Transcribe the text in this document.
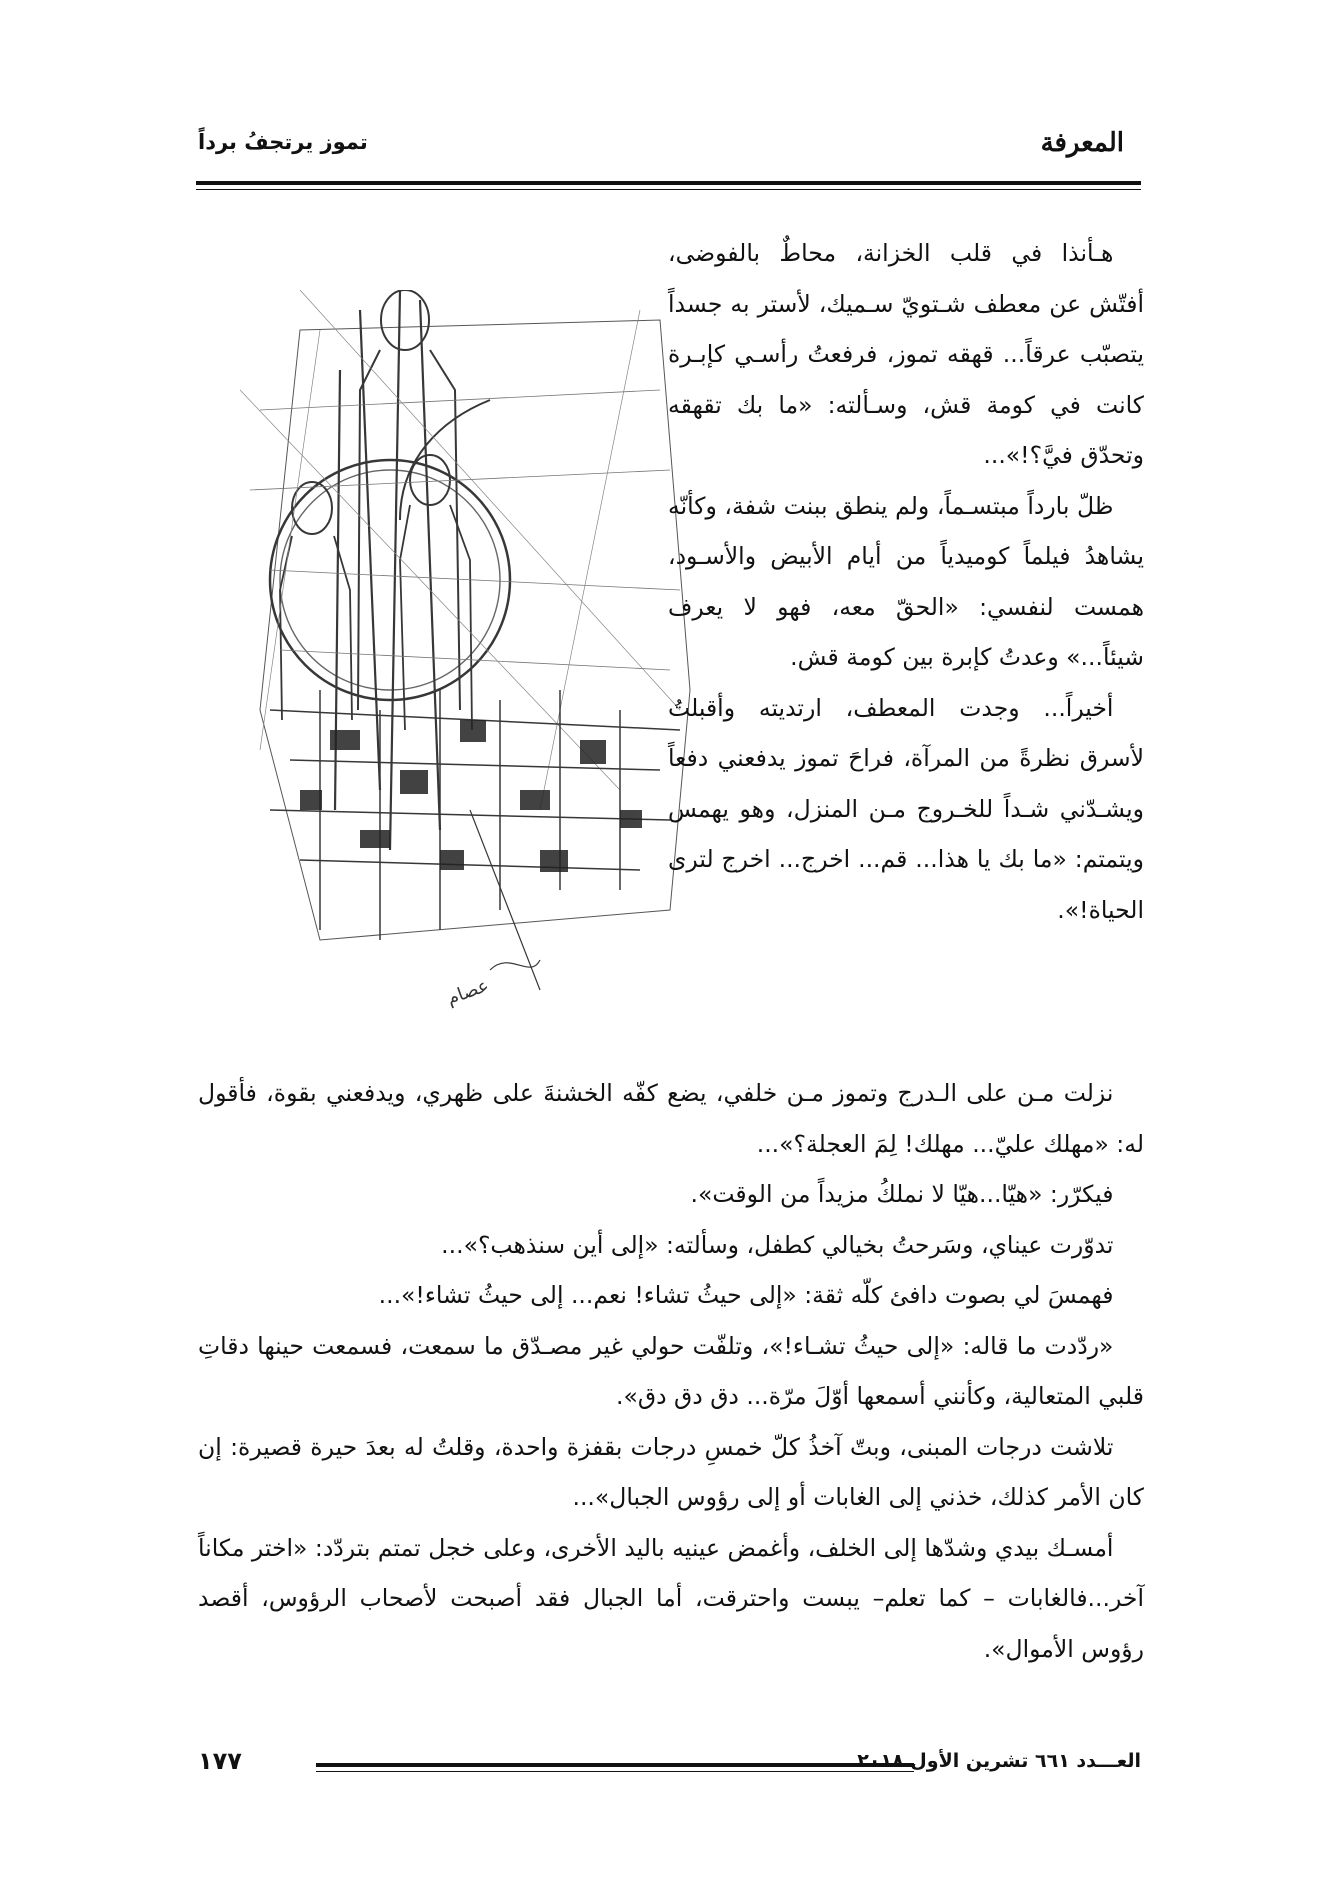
المعرفة
تموز يرتجفُ برداً
عصام

هـأنذا في قلب الخزانة، محاطٌ بالفوضى، أفتّش عن معطف شـتويّ سـميك، لأستر به جسداً يتصبّب عرقاً... قهقه تموز، فرفعتُ رأسـي كإبـرة كانت في كومة قش، وسـألته: «ما بك تقهقه وتحدّق فيَّ؟!»...

ظلّ بارداً مبتسـماً، ولم ينطق ببنت شفة، وكأنّه يشاهدُ فيلماً كوميدياً من أيام الأبيض والأسـود، همست لنفسي: «الحقّ معه، فهو لا يعرف شيئاً...» وعدتُ كإبرة بين كومة قش.

أخيراً... وجدت المعطف، ارتديته وأقبلتُ لأسرق نظرةً من المرآة، فراحَ تموز يدفعني دفعاً ويشـدّني شـداً للخـروج مـن المنزل، وهو يهمس ويتمتم: «ما بك يا هذا... قم... اخرج... اخرج لترى الحياة!».

نزلت مـن على الـدرج وتموز مـن خلفي، يضع كفّه الخشنةَ على ظهري، ويدفعني بقوة، فأقول له: «مهلك عليّ... مهلك! لِمَ العجلة؟»...

فيكرّر: «هيّا...هيّا لا نملكُ مزيداً من الوقت».

تدوّرت عيناي، وسَرحتُ بخيالي كطفل، وسألته: «إلى أين سنذهب؟»...

فهمسَ لي بصوت دافئ كلّه ثقة: «إلى حيثُ تشاء! نعم... إلى حيثُ تشاء!»...

«ردّدت ما قاله: «إلى حيثُ تشـاء!»، وتلفّت حولي غير مصـدّق ما سمعت، فسمعت حينها دقاتِ قلبي المتعالية، وكأنني أسمعها أوّلَ مرّة... دق دق دق».

تلاشت درجات المبنى، وبتّ آخذُ كلّ خمسِ درجات بقفزة واحدة، وقلتُ له بعدَ حيرة قصيرة: إن كان الأمر كذلك، خذني إلى الغابات أو إلى رؤوس الجبال»...

أمسـك بيدي وشدّها إلى الخلف، وأغمض عينيه باليد الأخرى، وعلى خجل تمتم بتردّد: «اختر مكاناً آخر...فالغابات – كما تعلم– يبست واحترقت، أما الجبال فقد أصبحت لأصحاب الرؤوس، أقصد رؤوس الأموال».

العـــدد ٦٦١ تشرين الأول ٢٠١٨
١٧٧
